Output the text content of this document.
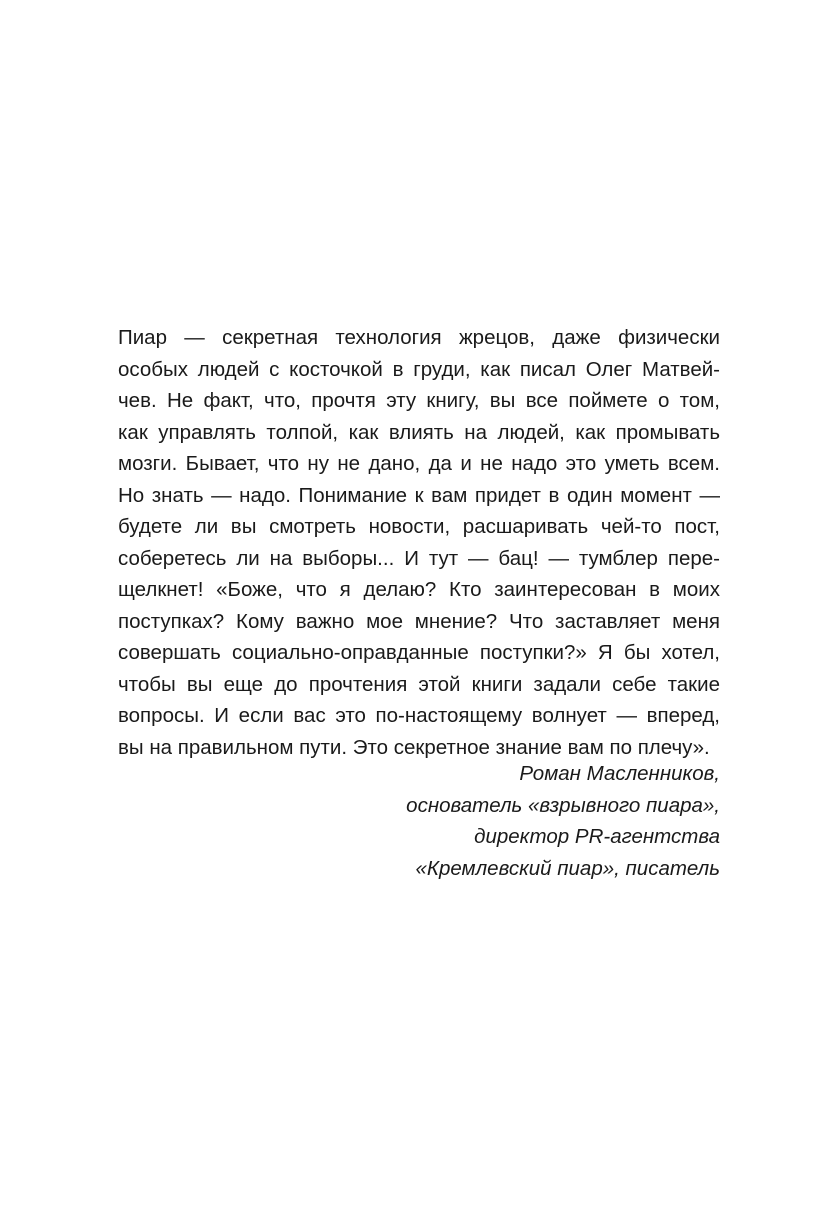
Пиар — секретная технология жрецов, даже физически
особых людей с косточкой в груди, как писал Олег Матвей-
чев. Не факт, что, прочтя эту книгу, вы все поймете о том,
как управлять толпой, как влиять на людей, как промывать
мозги. Бывает, что ну не дано, да и не надо это уметь всем.
Но знать — надо. Понимание к вам придет в один момент —
будете ли вы смотреть новости, расшаривать чей-то пост,
соберетесь ли на выборы... И тут — бац! — тумблер пере-
щелкнет! «Боже, что я делаю? Кто заинтересован в моих
поступках? Кому важно мое мнение? Что заставляет меня
совершать социально-оправданные поступки?» Я бы хотел,
чтобы вы еще до прочтения этой книги задали себе такие
вопросы. И если вас это по-настоящему волнует — вперед,
вы на правильном пути. Это секретное знание вам по плечу».
Роман Масленников,
основатель «взрывного пиара»,
директор PR-агентства
«Кремлевский пиар», писатель
